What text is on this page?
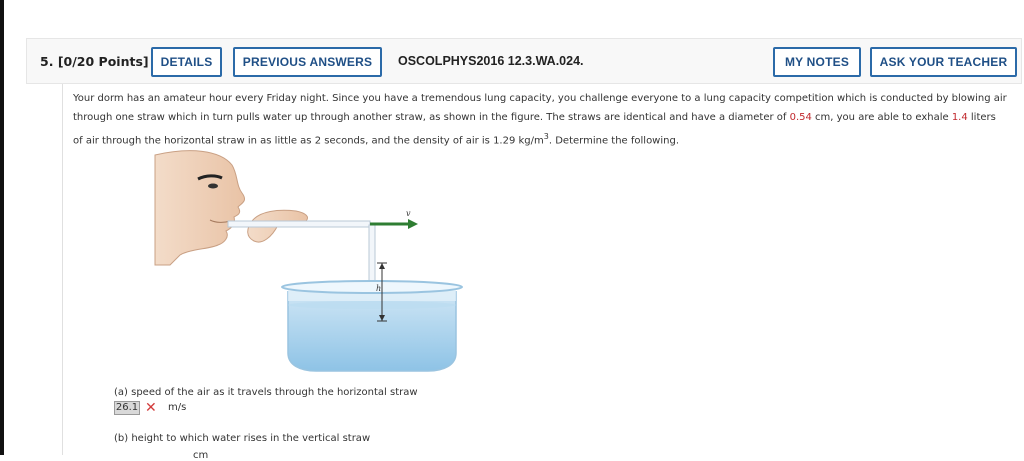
5. [0/20 Points] DETAILS	PREVIOUS ANSWERS	OSCOLPHYS2016 12.3.WA.024.	MY NOTES	ASK YOUR TEACHER
Your dorm has an amateur hour every Friday night. Since you have a tremendous lung capacity, you challenge everyone to a lung capacity competition which is conducted by blowing air through one straw which in turn pulls water up through another straw, as shown in the figure. The straws are identical and have a diameter of 0.54 cm, you are able to exhale 1.4 liters of air through the horizontal straw in as little as 2 seconds, and the density of air is 1.29 $kg/m^3$. Determine the following.
v
h
(a) speed of the air as it travels through the horizontal straw
26.1 ✕ m/s
(b) height to which water rises in the vertical straw
cm
